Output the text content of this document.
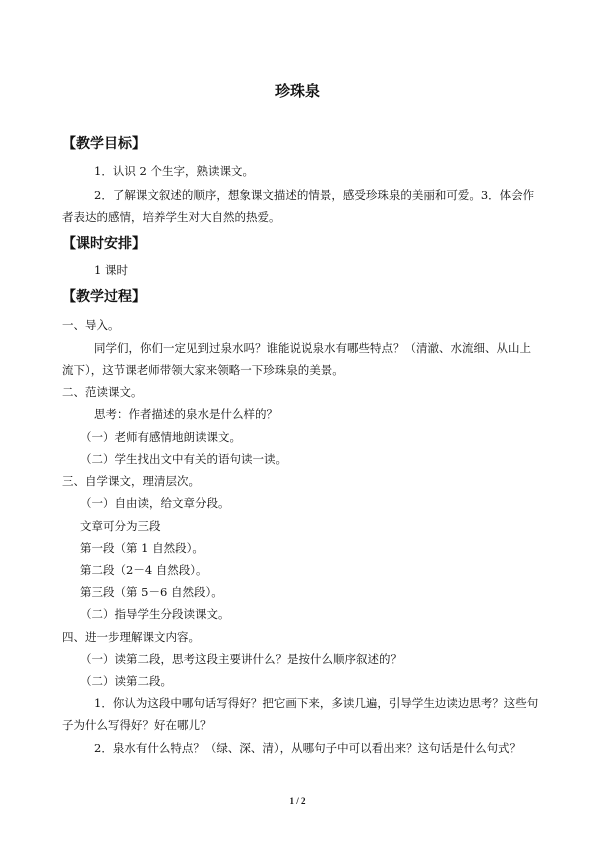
珍珠泉
【教学目标】
1．认识 2 个生字，熟读课文。
2．了解课文叙述的顺序，想象课文描述的情景，感受珍珠泉的美丽和可爱。3．体会作
者表达的感情，培养学生对大自然的热爱。
【课时安排】
1 课时
【教学过程】
一、导入。
同学们，你们一定见到过泉水吗？谁能说说泉水有哪些特点？（清澈、水流细、从山上
流下），这节课老师带领大家来领略一下珍珠泉的美景。
二、范读课文。
思考：作者描述的泉水是什么样的？
（一）老师有感情地朗读课文。
（二）学生找出文中有关的语句读一读。
三、自学课文，理清层次。
（一）自由读，给文章分段。
文章可分为三段
第一段（第 1 自然段）。
第二段（2－4 自然段）。
第三段（第 5－6 自然段）。
（二）指导学生分段读课文。
四、进一步理解课文内容。
（一）读第二段，思考这段主要讲什么？是按什么顺序叙述的？
（二）读第二段。
1．你认为这段中哪句话写得好？把它画下来，多读几遍，引导学生边读边思考？这些句
子为什么写得好？好在哪儿？
2．泉水有什么特点？（绿、深、清），从哪句子中可以看出来？这句话是什么句式？
1 / 2
